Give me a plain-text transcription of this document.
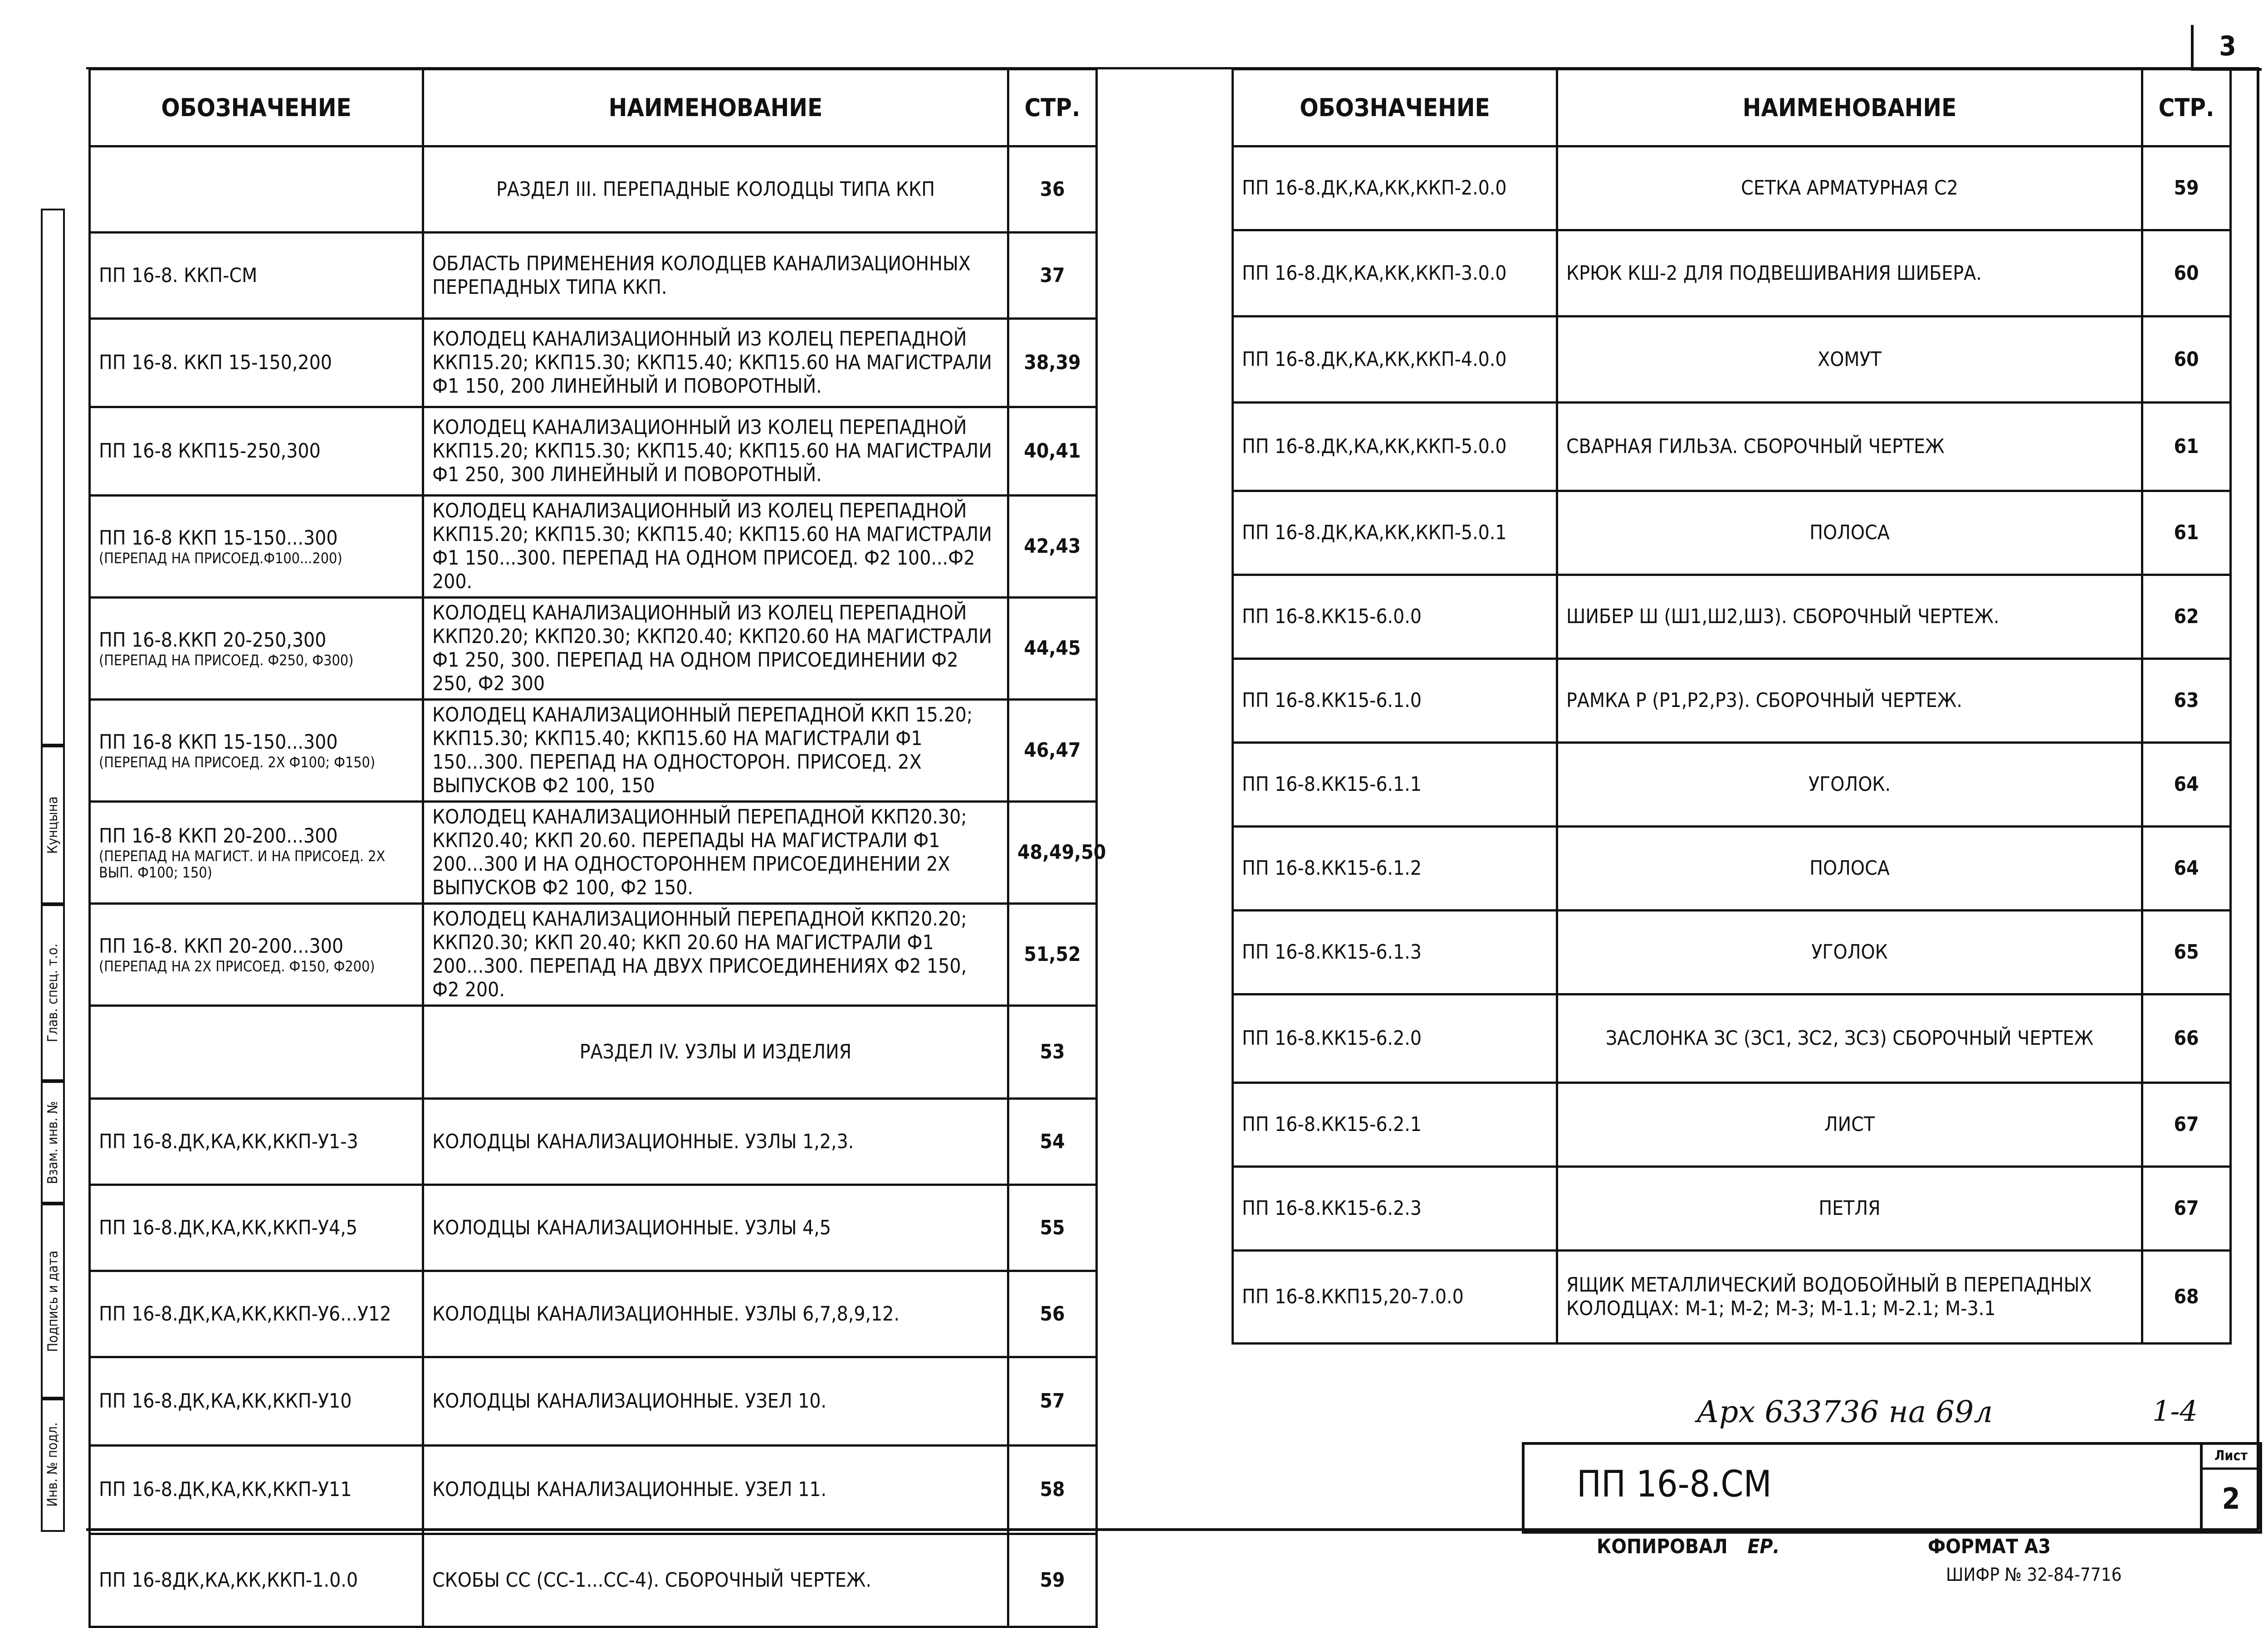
3
Инв. № подл.
Подпись и дата
Взам. инв. №
Глав. спец. т.о.
Кунцына
ОБОЗНАЧЕНИЕ	НАИМЕНОВАНИЕ	СТР.
	РАЗДЕЛ III. ПЕРЕПАДНЫЕ КОЛОДЦЫ ТИПА ККП	36
ПП 16-8. ККП-СМ	ОБЛАСТЬ ПРИМЕНЕНИЯ КОЛОДЦЕВ КАНАЛИЗАЦИОННЫХ ПЕРЕПАДНЫХ ТИПА ККП.	37
ПП 16-8. ККП 15-150,200	КОЛОДЕЦ КАНАЛИЗАЦИОННЫЙ ИЗ КОЛЕЦ ПЕРЕПАДНОЙ ККП15.20; ККП15.30; ККП15.40; ККП15.60 НА МАГИСТРАЛИ Ф1 150, 200 ЛИНЕЙНЫЙ И ПОВОРОТНЫЙ.	38,39
ПП 16-8 ККП15-250,300	КОЛОДЕЦ КАНАЛИЗАЦИОННЫЙ ИЗ КОЛЕЦ ПЕРЕПАДНОЙ ККП15.20; ККП15.30; ККП15.40; ККП15.60 НА МАГИСТРАЛИ Ф1 250, 300 ЛИНЕЙНЫЙ И ПОВОРОТНЫЙ.	40,41
ПП 16-8 ККП 15-150...300
(ПЕРЕПАД НА ПРИСОЕД.Ф100...200)	КОЛОДЕЦ КАНАЛИЗАЦИОННЫЙ ИЗ КОЛЕЦ ПЕРЕПАДНОЙ ККП15.20; ККП15.30; ККП15.40; ККП15.60 НА МАГИСТРАЛИ Ф1 150...300. ПЕРЕПАД НА ОДНОМ ПРИСОЕД. Ф2 100...Ф2 200.	42,43
ПП 16-8.ККП 20-250,300
(ПЕРЕПАД НА ПРИСОЕД. Ф250, Ф300)	КОЛОДЕЦ КАНАЛИЗАЦИОННЫЙ ИЗ КОЛЕЦ ПЕРЕПАДНОЙ ККП20.20; ККП20.30; ККП20.40; ККП20.60 НА МАГИСТРАЛИ Ф1 250, 300. ПЕРЕПАД НА ОДНОМ ПРИСОЕДИНЕНИИ Ф2 250, Ф2 300	44,45
ПП 16-8 ККП 15-150...300
(ПЕРЕПАД НА ПРИСОЕД. 2Х Ф100; Ф150)	КОЛОДЕЦ КАНАЛИЗАЦИОННЫЙ ПЕРЕПАДНОЙ ККП 15.20; ККП15.30; ККП15.40; ККП15.60 НА МАГИСТРАЛИ Ф1 150...300. ПЕРЕПАД НА ОДНОСТОРОН. ПРИСОЕД. 2Х ВЫПУСКОВ Ф2 100, 150	46,47
ПП 16-8 ККП 20-200...300
(ПЕРЕПАД НА МАГИСТ. И НА ПРИСОЕД. 2Х ВЫП. Ф100; 150)	КОЛОДЕЦ КАНАЛИЗАЦИОННЫЙ ПЕРЕПАДНОЙ ККП20.30; ККП20.40; ККП 20.60. ПЕРЕПАДЫ НА МАГИСТРАЛИ Ф1 200...300 И НА ОДНОСТОРОННЕМ ПРИСОЕДИНЕНИИ 2Х ВЫПУСКОВ Ф2 100, Ф2 150.	48,49,50
ПП 16-8. ККП 20-200...300
(ПЕРЕПАД НА 2Х ПРИСОЕД. Ф150, Ф200)	КОЛОДЕЦ КАНАЛИЗАЦИОННЫЙ ПЕРЕПАДНОЙ ККП20.20; ККП20.30; ККП 20.40; ККП 20.60 НА МАГИСТРАЛИ Ф1 200...300. ПЕРЕПАД НА ДВУХ ПРИСОЕДИНЕНИЯХ Ф2 150, Ф2 200.	51,52
	РАЗДЕЛ IV. УЗЛЫ И ИЗДЕЛИЯ	53
ПП 16-8.ДК,КА,КК,ККП-У1-3	КОЛОДЦЫ КАНАЛИЗАЦИОННЫЕ. УЗЛЫ 1,2,3.	54
ПП 16-8.ДК,КА,КК,ККП-У4,5	КОЛОДЦЫ КАНАЛИЗАЦИОННЫЕ. УЗЛЫ 4,5	55
ПП 16-8.ДК,КА,КК,ККП-У6...У12	КОЛОДЦЫ КАНАЛИЗАЦИОННЫЕ. УЗЛЫ 6,7,8,9,12.	56
ПП 16-8.ДК,КА,КК,ККП-У10	КОЛОДЦЫ КАНАЛИЗАЦИОННЫЕ. УЗЕЛ 10.	57
ПП 16-8.ДК,КА,КК,ККП-У11	КОЛОДЦЫ КАНАЛИЗАЦИОННЫЕ. УЗЕЛ 11.	58
ПП 16-8ДК,КА,КК,ККП-1.0.0	СКОБЫ СС (СС-1...СС-4). СБОРОЧНЫЙ ЧЕРТЕЖ.	59
ОБОЗНАЧЕНИЕ	НАИМЕНОВАНИЕ	СТР.
ПП 16-8.ДК,КА,КК,ККП-2.0.0	СЕТКА АРМАТУРНАЯ С2	59
ПП 16-8.ДК,КА,КК,ККП-3.0.0	КРЮК КШ-2 ДЛЯ ПОДВЕШИВАНИЯ ШИБЕРА.	60
ПП 16-8.ДК,КА,КК,ККП-4.0.0	ХОМУТ	60
ПП 16-8.ДК,КА,КК,ККП-5.0.0	СВАРНАЯ ГИЛЬЗА. СБОРОЧНЫЙ ЧЕРТЕЖ	61
ПП 16-8.ДК,КА,КК,ККП-5.0.1	ПОЛОСА	61
ПП 16-8.КК15-6.0.0	ШИБЕР Ш (Ш1,Ш2,Ш3). СБОРОЧНЫЙ ЧЕРТЕЖ.	62
ПП 16-8.КК15-6.1.0	РАМКА Р (Р1,Р2,Р3). СБОРОЧНЫЙ ЧЕРТЕЖ.	63
ПП 16-8.КК15-6.1.1	УГОЛОК.	64
ПП 16-8.КК15-6.1.2	ПОЛОСА	64
ПП 16-8.КК15-6.1.3	УГОЛОК	65
ПП 16-8.КК15-6.2.0	ЗАСЛОНКА ЗС (ЗС1, ЗС2, ЗС3) СБОРОЧНЫЙ ЧЕРТЕЖ	66
ПП 16-8.КК15-6.2.1	ЛИСТ	67
ПП 16-8.КК15-6.2.3	ПЕТЛЯ	67
ПП 16-8.ККП15,20-7.0.0	ЯЩИК МЕТАЛЛИЧЕСКИЙ ВОДОБОЙНЫЙ В ПЕРЕПАДНЫХ КОЛОДЦАХ: М-1; М-2; М-3; М-1.1; М-2.1; М-3.1	68
Арх 633736 на 69л	1-4
ПП 16-8.СМ
Лист
2
КОПИРОВАЛ ЕР.	ФОРМАТ А3
ШИФР № 32-84-7716
